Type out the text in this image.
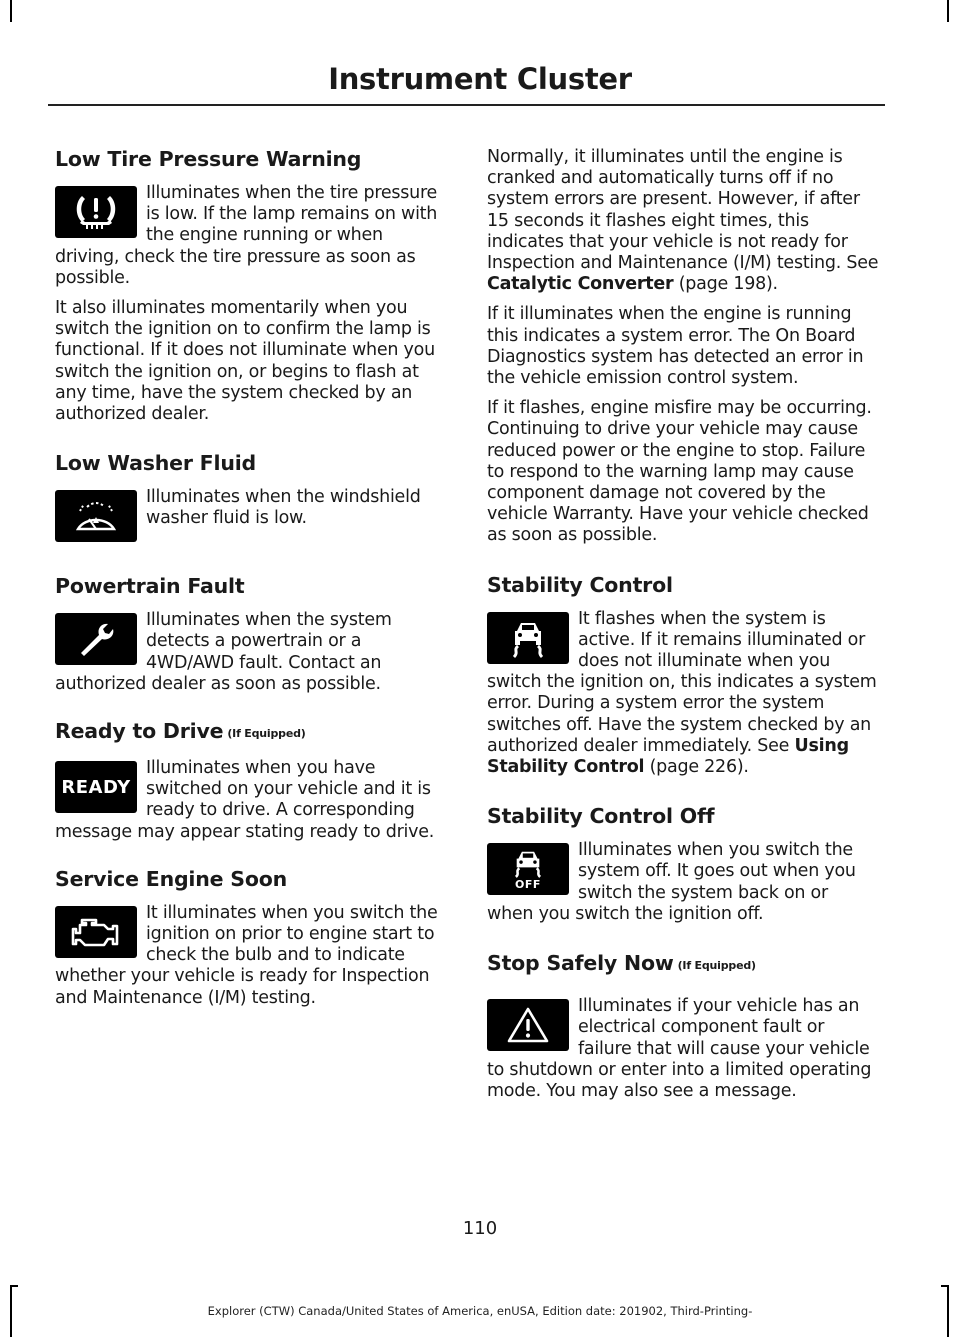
Instrument Cluster
Low Tire Pressure Warning

Illuminates when the tire pressure is low. If the lamp remains on with the engine running or when driving, check the tire pressure as soon as possible.

It also illuminates momentarily when you switch the ignition on to confirm the lamp is functional. If it does not illuminate when you switch the ignition on, or begins to flash at any time, have the system checked by an authorized dealer.

Low Washer Fluid

Illuminates when the windshield washer fluid is low.

Powertrain Fault

Illuminates when the system detects a powertrain or a 4WD/AWD fault. Contact an authorized dealer as soon as possible.

Ready to Drive (If Equipped)
READY

Illuminates when you have switched on your vehicle and it is ready to drive. A corresponding message may appear stating ready to drive.

Service Engine Soon

It illuminates when you switch the ignition on prior to engine start to check the bulb and to indicate whether your vehicle is ready for Inspection and Maintenance (I/M) testing.

Normally, it illuminates until the engine is cranked and automatically turns off if no system errors are present. However, if after 15 seconds it flashes eight times, this indicates that your vehicle is not ready for Inspection and Maintenance (I/M) testing. See Catalytic Converter (page 198).

If it illuminates when the engine is running this indicates a system error. The On Board Diagnostics system has detected an error in the vehicle emission control system.

If it flashes, engine misfire may be occurring. Continuing to drive your vehicle may cause reduced power or the engine to stop. Failure to respond to the warning lamp may cause component damage not covered by the vehicle Warranty. Have your vehicle checked as soon as possible.

Stability Control

It flashes when the system is active. If it remains illuminated or does not illuminate when you switch the ignition on, this indicates a system error. During a system error the system switches off. Have the system checked by an authorized dealer immediately. See Using Stability Control (page 226).

Stability Control Off
OFF

Illuminates when you switch the system off. It goes out when you switch the system back on or when you switch the ignition off.

Stop Safely Now (If Equipped)

Illuminates if your vehicle has an electrical component fault or failure that will cause your vehicle to shutdown or enter into a limited operating mode. You may also see a message.

110
Explorer (CTW) Canada/United States of America, enUSA, Edition date: 201902, Third-Printing-
